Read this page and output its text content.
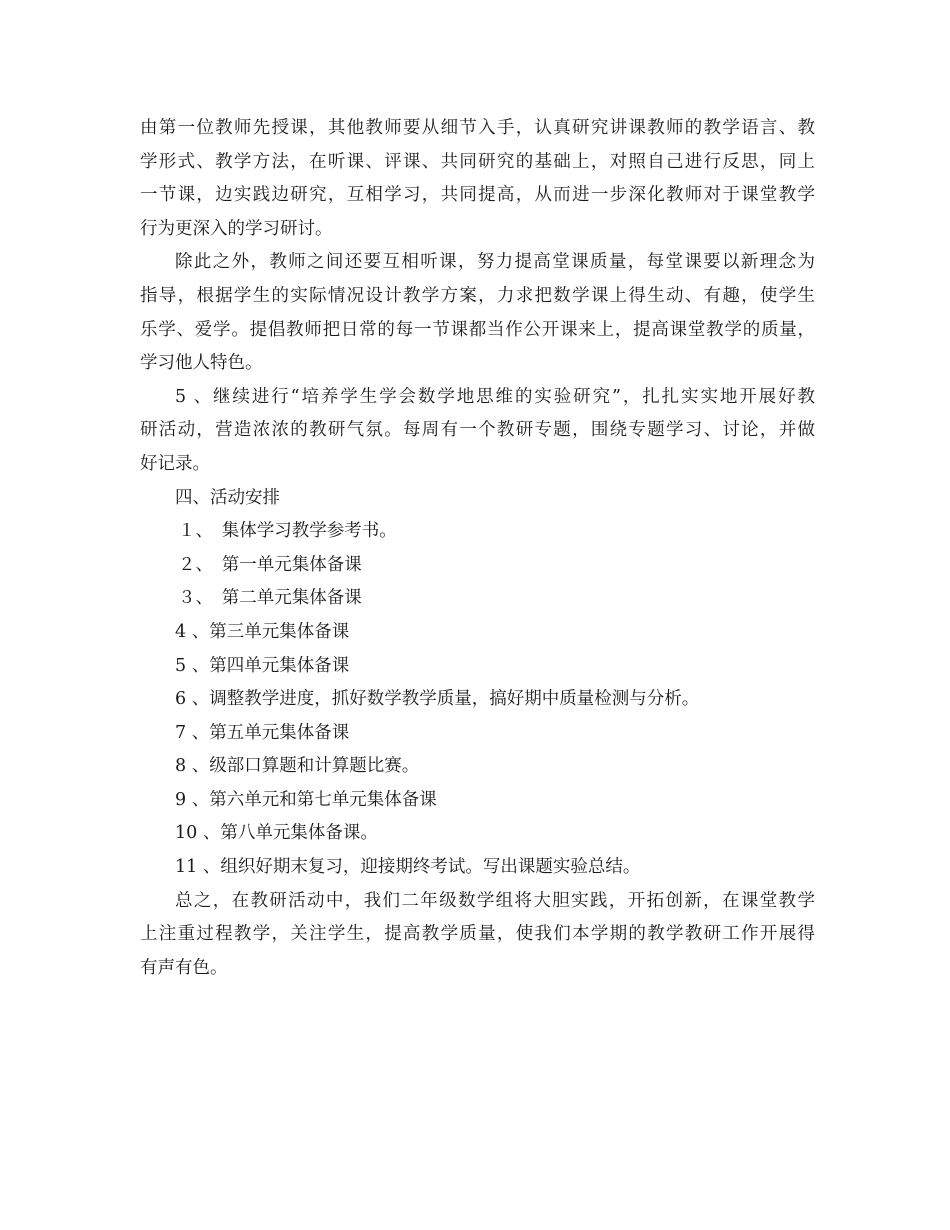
由第一位教师先授课，其他教师要从细节入手，认真研究讲课教师的教学语言、教
学形式、教学方法，在听课、评课、共同研究的基础上，对照自己进行反思，同上
一节课，边实践边研究，互相学习，共同提高，从而进一步深化教师对于课堂教学
行为更深入的学习研讨。
除此之外，教师之间还要互相听课，努力提高堂课质量，每堂课要以新理念为
指导，根据学生的实际情况设计教学方案，力求把数学课上得生动、有趣，使学生
乐学、爱学。提倡教师把日常的每一节课都当作公开课来上，提高课堂教学的质量，
学习他人特色。
5 、继续进行“培养学生学会数学地思维的实验研究”，扎扎实实地开展好教
研活动，营造浓浓的教研气氛。每周有一个教研专题，围绕专题学习、讨论，并做
好记录。
四、活动安排
１、　集体学习教学参考书。
２、　第一单元集体备课
３、　第二单元集体备课
4 、第三单元集体备课
5 、第四单元集体备课
6 、调整教学进度，抓好数学教学质量，搞好期中质量检测与分析。
7 、第五单元集体备课
8 、级部口算题和计算题比赛。
9 、第六单元和第七单元集体备课
10 、第八单元集体备课。
11 、组织好期末复习，迎接期终考试。写出课题实验总结。
总之，在教研活动中，我们二年级数学组将大胆实践，开拓创新，在课堂教学
上注重过程教学，关注学生，提高教学质量，使我们本学期的教学教研工作开展得
有声有色。
